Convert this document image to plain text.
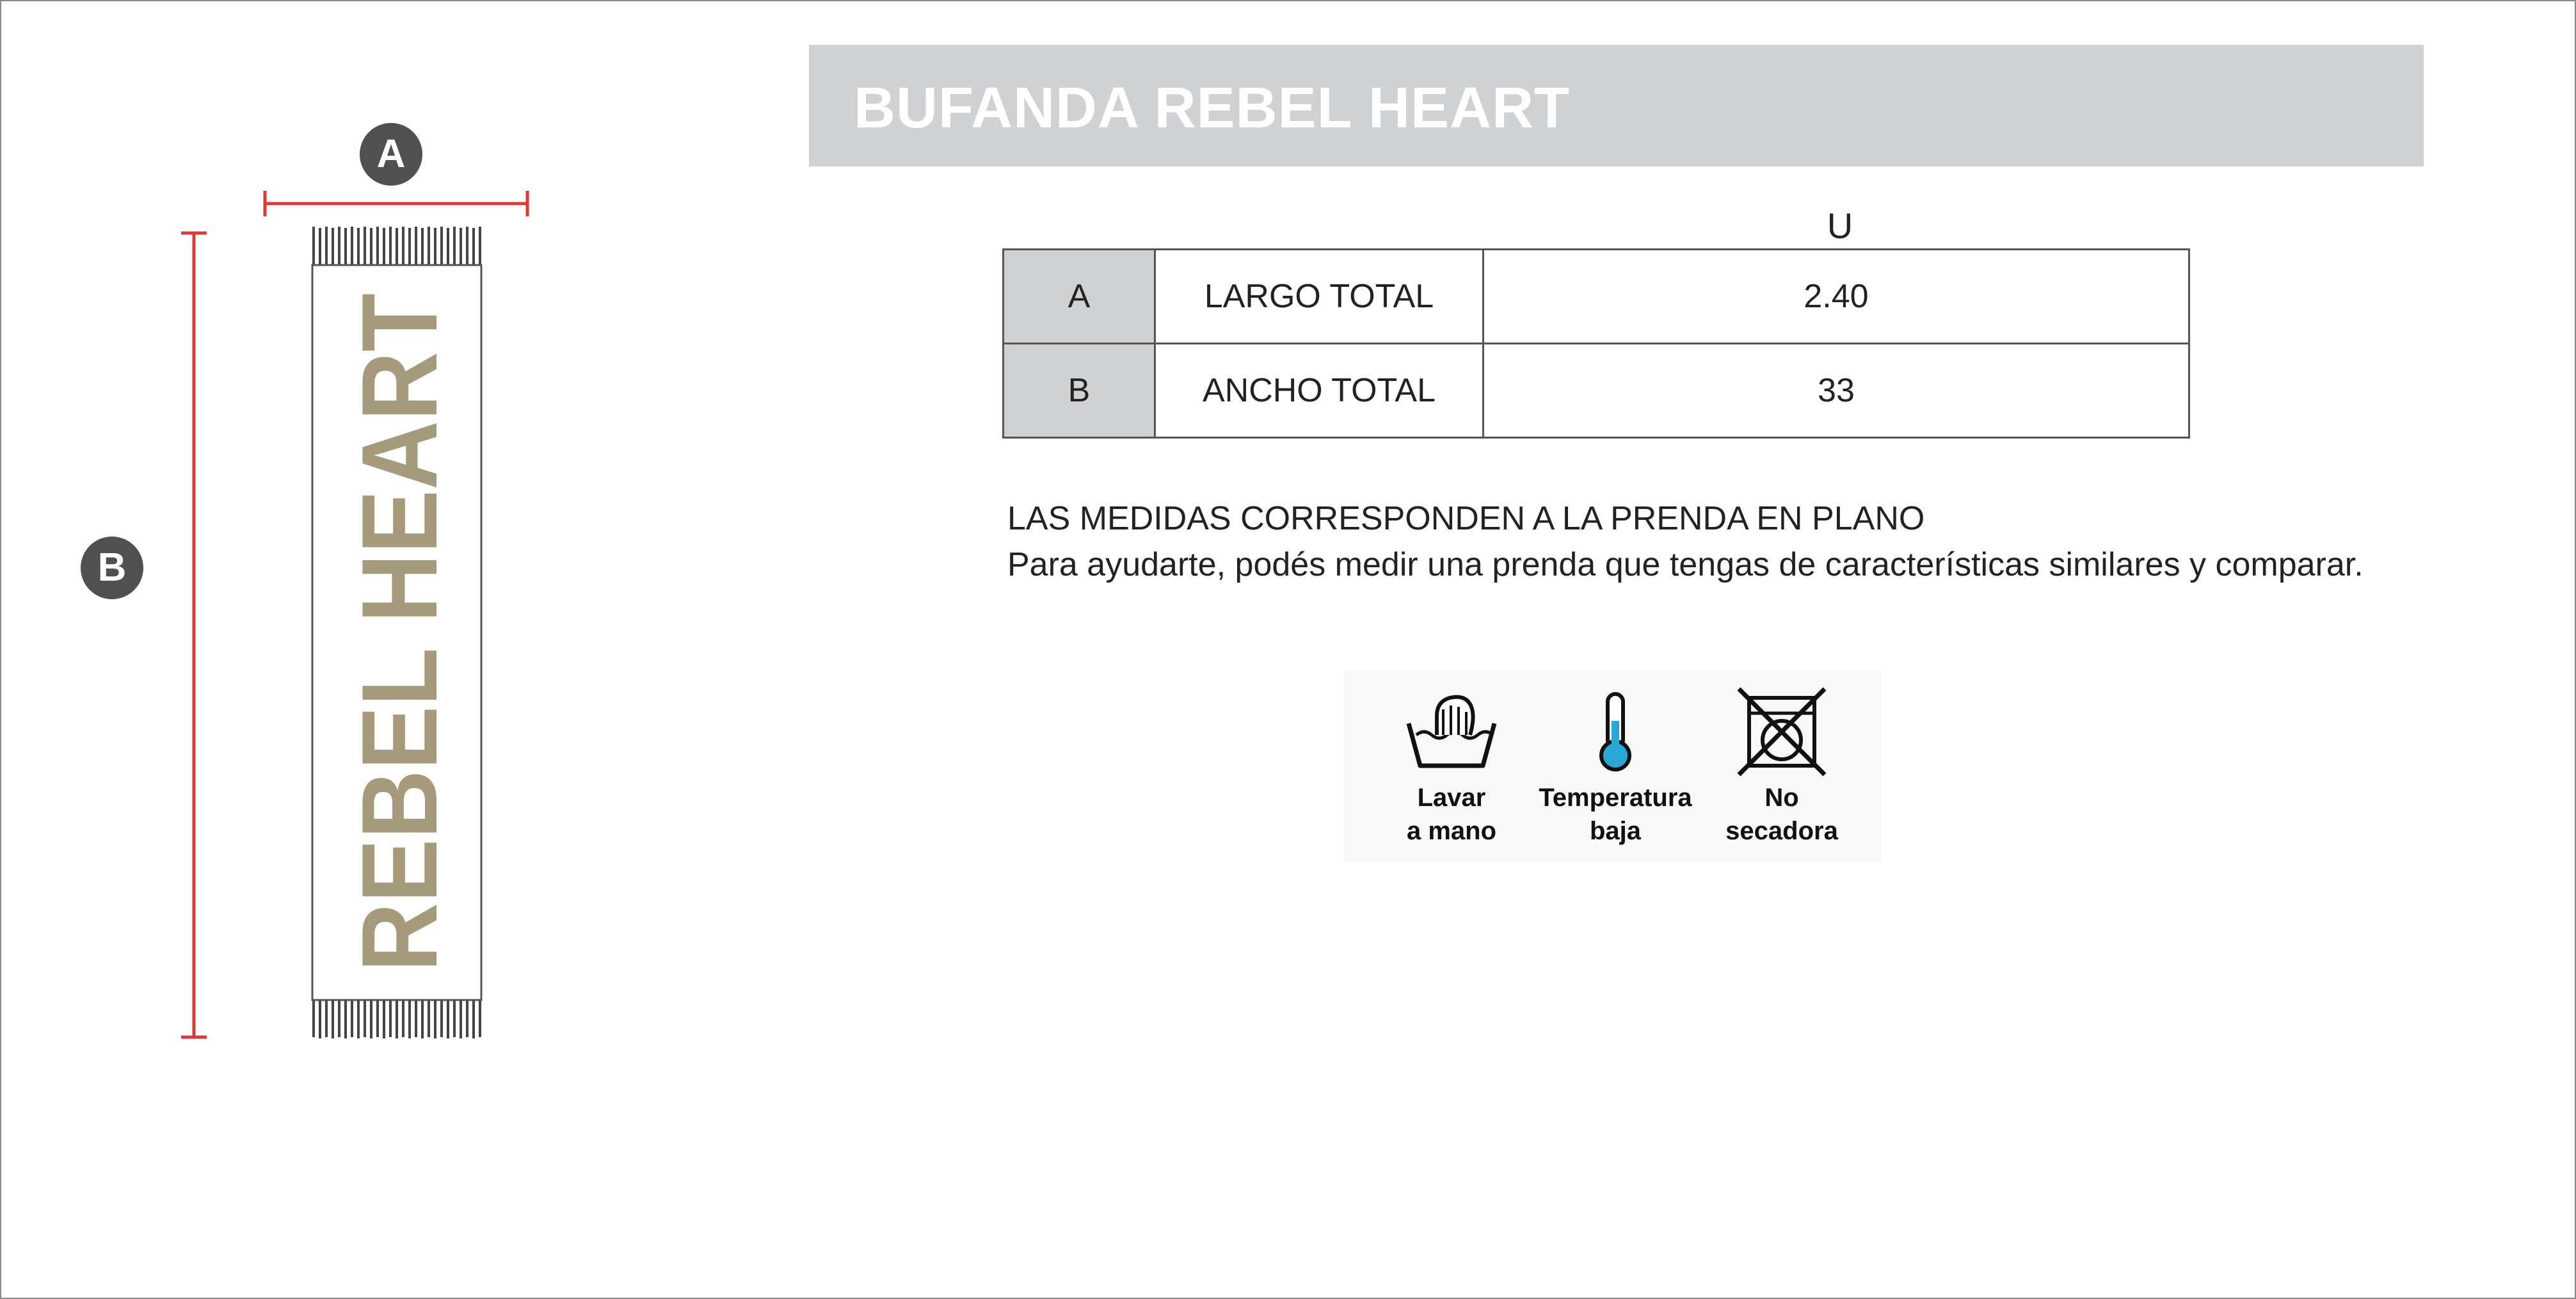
BUFANDA REBEL HEART
REBEL HEART
A
B
U
A	LARGO TOTAL	2.40
B	ANCHO TOTAL	33
LAS MEDIDAS CORRESPONDEN A LA PRENDA EN PLANO
Para ayudarte, podés medir una prenda que tengas de características similares y comparar.
Lavar
a mano
Temperatura
baja
No
secadora
